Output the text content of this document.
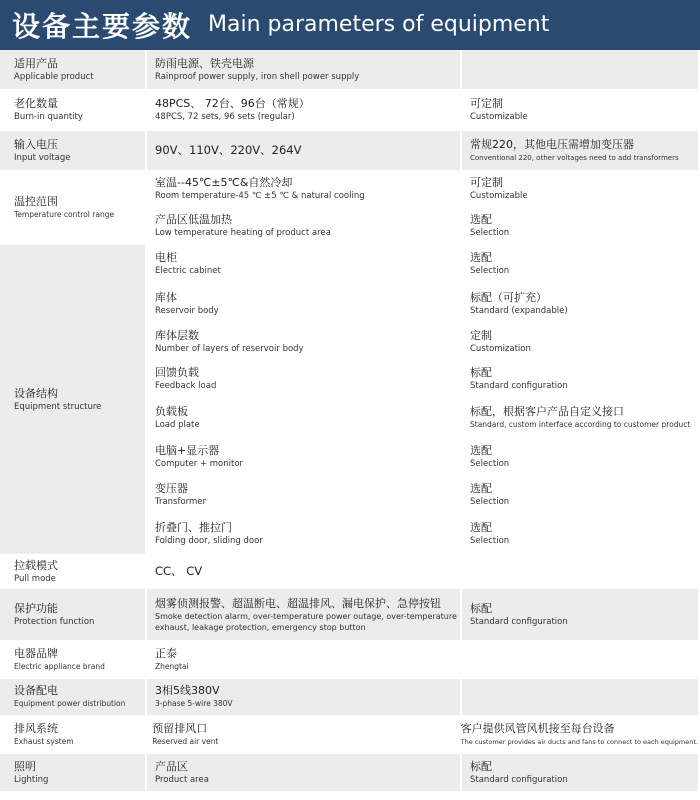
设备主要参数 Main parameters of equipment
适用产品
Applicable product
防雨电源、铁壳电源
Rainproof power supply, iron shell power supply
老化数量
Burn-in quantity
48PCS、 72台、96台（常规）
48PCS, 72 sets, 96 sets (regular)
可定制
Customizable
输入电压
Input voltage
90V、110V、220V、264V	常规220，其他电压需增加变压器
Conventional 220, other voltages need to add transformers
温控范围
Temperature control range
室温--45℃±5℃&自然冷却
Room temperature-45 ℃ ±5 ℃ & natural cooling
可定制
Customizable
产品区低温加热
Low temperature heating of product area
选配
Selection
设备结构
Equipment structure
电柜
Electric cabinet
选配
Selection
库体
Reservoir body
标配（可扩充）
Standard (expandable)
库体层数
Number of layers of reservoir body
定制
Customization
回馈负载
Feedback load
标配
Standard configuration
负载板
Load plate
标配，根据客户产品自定义接口
Standard, custom interface according to customer product
电脑+显示器
Computer + monitor
选配
Selection
变压器
Transformer
选配
Selection
折叠门、推拉门
Folding door, sliding door
选配
Selection
拉载模式
Pull mode
CC、 CV
保护功能
Protection function
烟雾侦测报警、超温断电、超温排风、漏电保护、急停按钮
Smoke detection alarm, over-temperature power outage, over-temperature exhaust, leakage protection, emergency stop button
标配
Standard configuration
电器品牌
Electric appliance brand
正泰
Zhengtai
设备配电
Equipment power distribution
3相5线380V
3-phase 5-wire 380V
排风系统
Exhaust system
预留排风口
Reserved air vent
客户提供风管风机接至每台设备
The customer provides air ducts and fans to connect to each equipment.
照明
Lighting
产品区
Product area
标配
Standard configuration
